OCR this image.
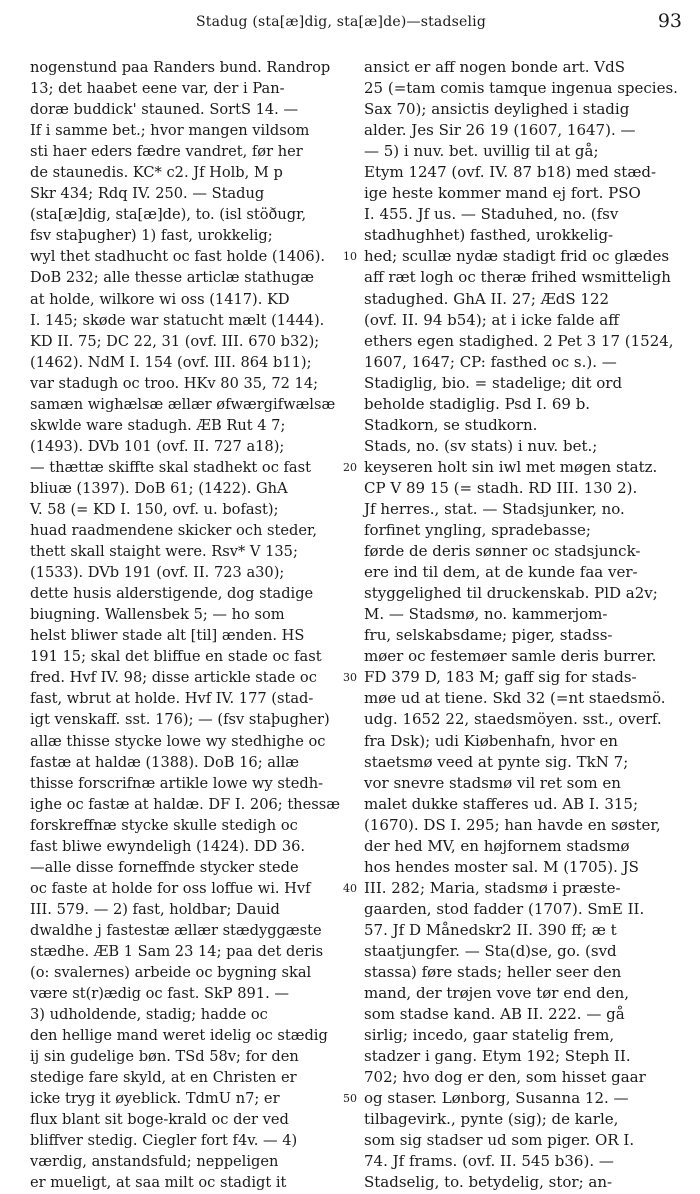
Stadug (sta[æ]dig, sta[æ]de)—stadselig	93
nogenstund paa Randers bund. Randrop
13; det haabet eene var, der i Pan-
doræ buddick' stauned. SortS 14. —
If i samme bet.; hvor mangen vildsom
sti haer eders fædre vandret, før her
de staunedis. KC* c2. Jf Holb, M p
Skr 434; Rdq IV. 250. — Stadug
(sta[æ]dig, sta[æ]de), to. (isl stöðugr,
fsv staþugher) 1) fast, urokkelig;
wyl thet stadhucht oc fast holde (1406).
DoB 232; alle thesse articlæ stathugæ
at holde, wilkore wi oss (1417). KD
I. 145; skøde war statucht mælt (1444).
KD II. 75; DC 22, 31 (ovf. III. 670 b32);
(1462). NdM I. 154 (ovf. III. 864 b11);
var stadugh oc troo. HKv 80 35, 72 14;
samæn wighælsæ ællær øfwærgifwælsæ
skwlde ware stadugh. ÆB Rut 4 7;
(1493). DVb 101 (ovf. II. 727 a18);
— thættæ skiffte skal stadhekt oc fast
bliuæ (1397). DoB 61; (1422). GhA
V. 58 (= KD I. 150, ovf. u. bofast);
huad raadmendene skicker och steder,
thett skall staight were. Rsv* V 135;
(1533). DVb 191 (ovf. II. 723 a30);
dette husis alderstigende, dog stadige
biugning. Wallensbek 5; — ho som
helst bliwer stade alt [til] ænden. HS
191 15; skal det bliffue en stade oc fast
fred. Hvf IV. 98; disse artickle stade oc
fast, wbrut at holde. Hvf IV. 177 (stad-
igt venskaff. sst. 176); — (fsv staþugher)
allæ thisse stycke lowe wy stedhighe oc
fastæ at haldæ (1388). DoB 16; allæ
thisse forscrifnæ artikle lowe wy stedh-
ighe oc fastæ at haldæ. DF I. 206; thessæ
forskreffnæ stycke skulle stedigh oc
fast bliwe ewyndeligh (1424). DD 36.
—alle disse forneffnde stycker stede
oc faste at holde for oss loffue wi. Hvf
III. 579. — 2) fast, holdbar; Dauid
dwaldhe j fastestæ ællær stædyggæste
stædhe. ÆB 1 Sam 23 14; paa det deris
(o: svalernes) arbeide oc bygning skal
være st(r)ædig oc fast. SkP 891. —
3) udholdende, stadig; hadde oc
den hellige mand weret idelig oc stædig
ij sin gudelige bøn. TSd 58v; for den
stedige fare skyld, at en Christen er
icke tryg it øyeblick. TdmU n7; er
flux blant sit boge-krald oc der ved
bliffver stedig. Ciegler fort f4v. — 4)
værdig, anstandsfuld; neppeligen
er mueligt, at saa milt oc stadigt it
10
20
30
40
50
ansict er aff nogen bonde art. VdS
25 (=tam comis tamque ingenua species.
Sax 70); ansictis deylighed i stadig
alder. Jes Sir 26 19 (1607, 1647). —
— 5) i nuv. bet. uvillig til at gå;
Etym 1247 (ovf. IV. 87 b18) med stæd-
ige heste kommer mand ej fort. PSO
I. 455. Jf us. — Staduhed, no. (fsv
stadhughhet) fasthed, urokkelig-
hed; scullæ nydæ stadigt frid oc glædes
aff ræt logh oc theræ frihed wsmitteligh
stadughed. GhA II. 27; ÆdS 122
(ovf. II. 94 b54); at i icke falde aff
ethers egen stadighed. 2 Pet 3 17 (1524,
1607, 1647; CP: fasthed oc s.). —
Stadiglig, bio. = stadelige; dit ord
beholde stadiglig. Psd I. 69 b.
Stadkorn, se studkorn.
Stads, no. (sv stats) i nuv. bet.;
keyseren holt sin iwl met møgen statz.
CP V 89 15 (= stadh. RD III. 130 2).
Jf herres., stat. — Stadsjunker, no.
forfinet yngling, spradebasse;
førde de deris sønner oc stadsjunck-
ere ind til dem, at de kunde faa ver-
styggelighed til druckenskab. PlD a2v;
M. — Stadsmø, no. kammerjom-
fru, selskabsdame; piger, stadss-
møer oc festemøer samle deris burrer.
FD 379 D, 183 M; gaff sig for stads-
møe ud at tiene. Skd 32 (=nt staedsmö.
udg. 1652 22, staedsmöyen. sst., overf.
fra Dsk); udi Kiøbenhafn, hvor en
staetsmø veed at pynte sig. TkN 7;
vor snevre stadsmø vil ret som en
malet dukke stafferes ud. AB I. 315;
(1670). DS I. 295; han havde en søster,
der hed MV, en højfornem stadsmø
hos hendes moster sal. M (1705). JS
III. 282; Maria, stadsmø i præste-
gaarden, stod fadder (1707). SmE II.
57. Jf D Månedskr2 II. 390 ff; æ t
staatjungfer. — Sta(d)se, go. (svd
stassa) føre stads; heller seer den
mand, der trøjen vove tør end den,
som stadse kand. AB II. 222. — gå
sirlig; incedo, gaar statelig frem,
stadzer i gang. Etym 192; Steph II.
702; hvo dog er den, som hisset gaar
og staser. Lønborg, Susanna 12. —
tilbagevirk., pynte (sig); de karle,
som sig stadser ud som piger. OR I.
74. Jf frams. (ovf. II. 545 b36). —
Stadselig, to. betydelig, stor; an-
